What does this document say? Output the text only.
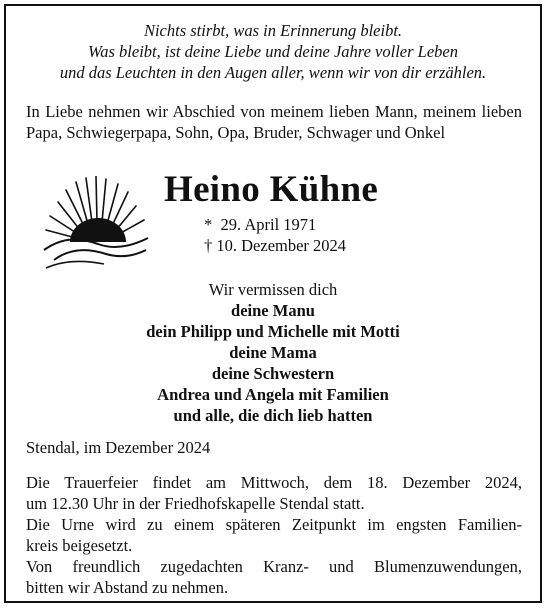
Nichts stirbt, was in Erinnerung bleibt.
Was bleibt, ist deine Liebe und deine Jahre voller Leben
und das Leuchten in den Augen aller, wenn wir von dir erzählen.
In Liebe nehmen wir Abschied von meinem lieben Mann, meinem lieben Papa, Schwiegerpapa, Sohn, Opa, Bruder, Schwager und Onkel
Heino Kühne
*  29. April 1971
† 10. Dezember 2024
Wir vermissen dich
deine Manu
dein Philipp und Michelle mit Motti
deine Mama
deine Schwestern
Andrea und Angela mit Familien
und alle, die dich lieb hatten
Stendal, im Dezember 2024
Die Trauerfeier findet am Mittwoch, dem 18. Dezember 2024,
um 12.30 Uhr in der Friedhofskapelle Stendal statt.
Die Urne wird zu einem späteren Zeitpunkt im engsten Familien-
kreis beigesetzt.
Von freundlich zugedachten Kranz- und Blumenzuwendungen,
bitten wir Abstand zu nehmen.
